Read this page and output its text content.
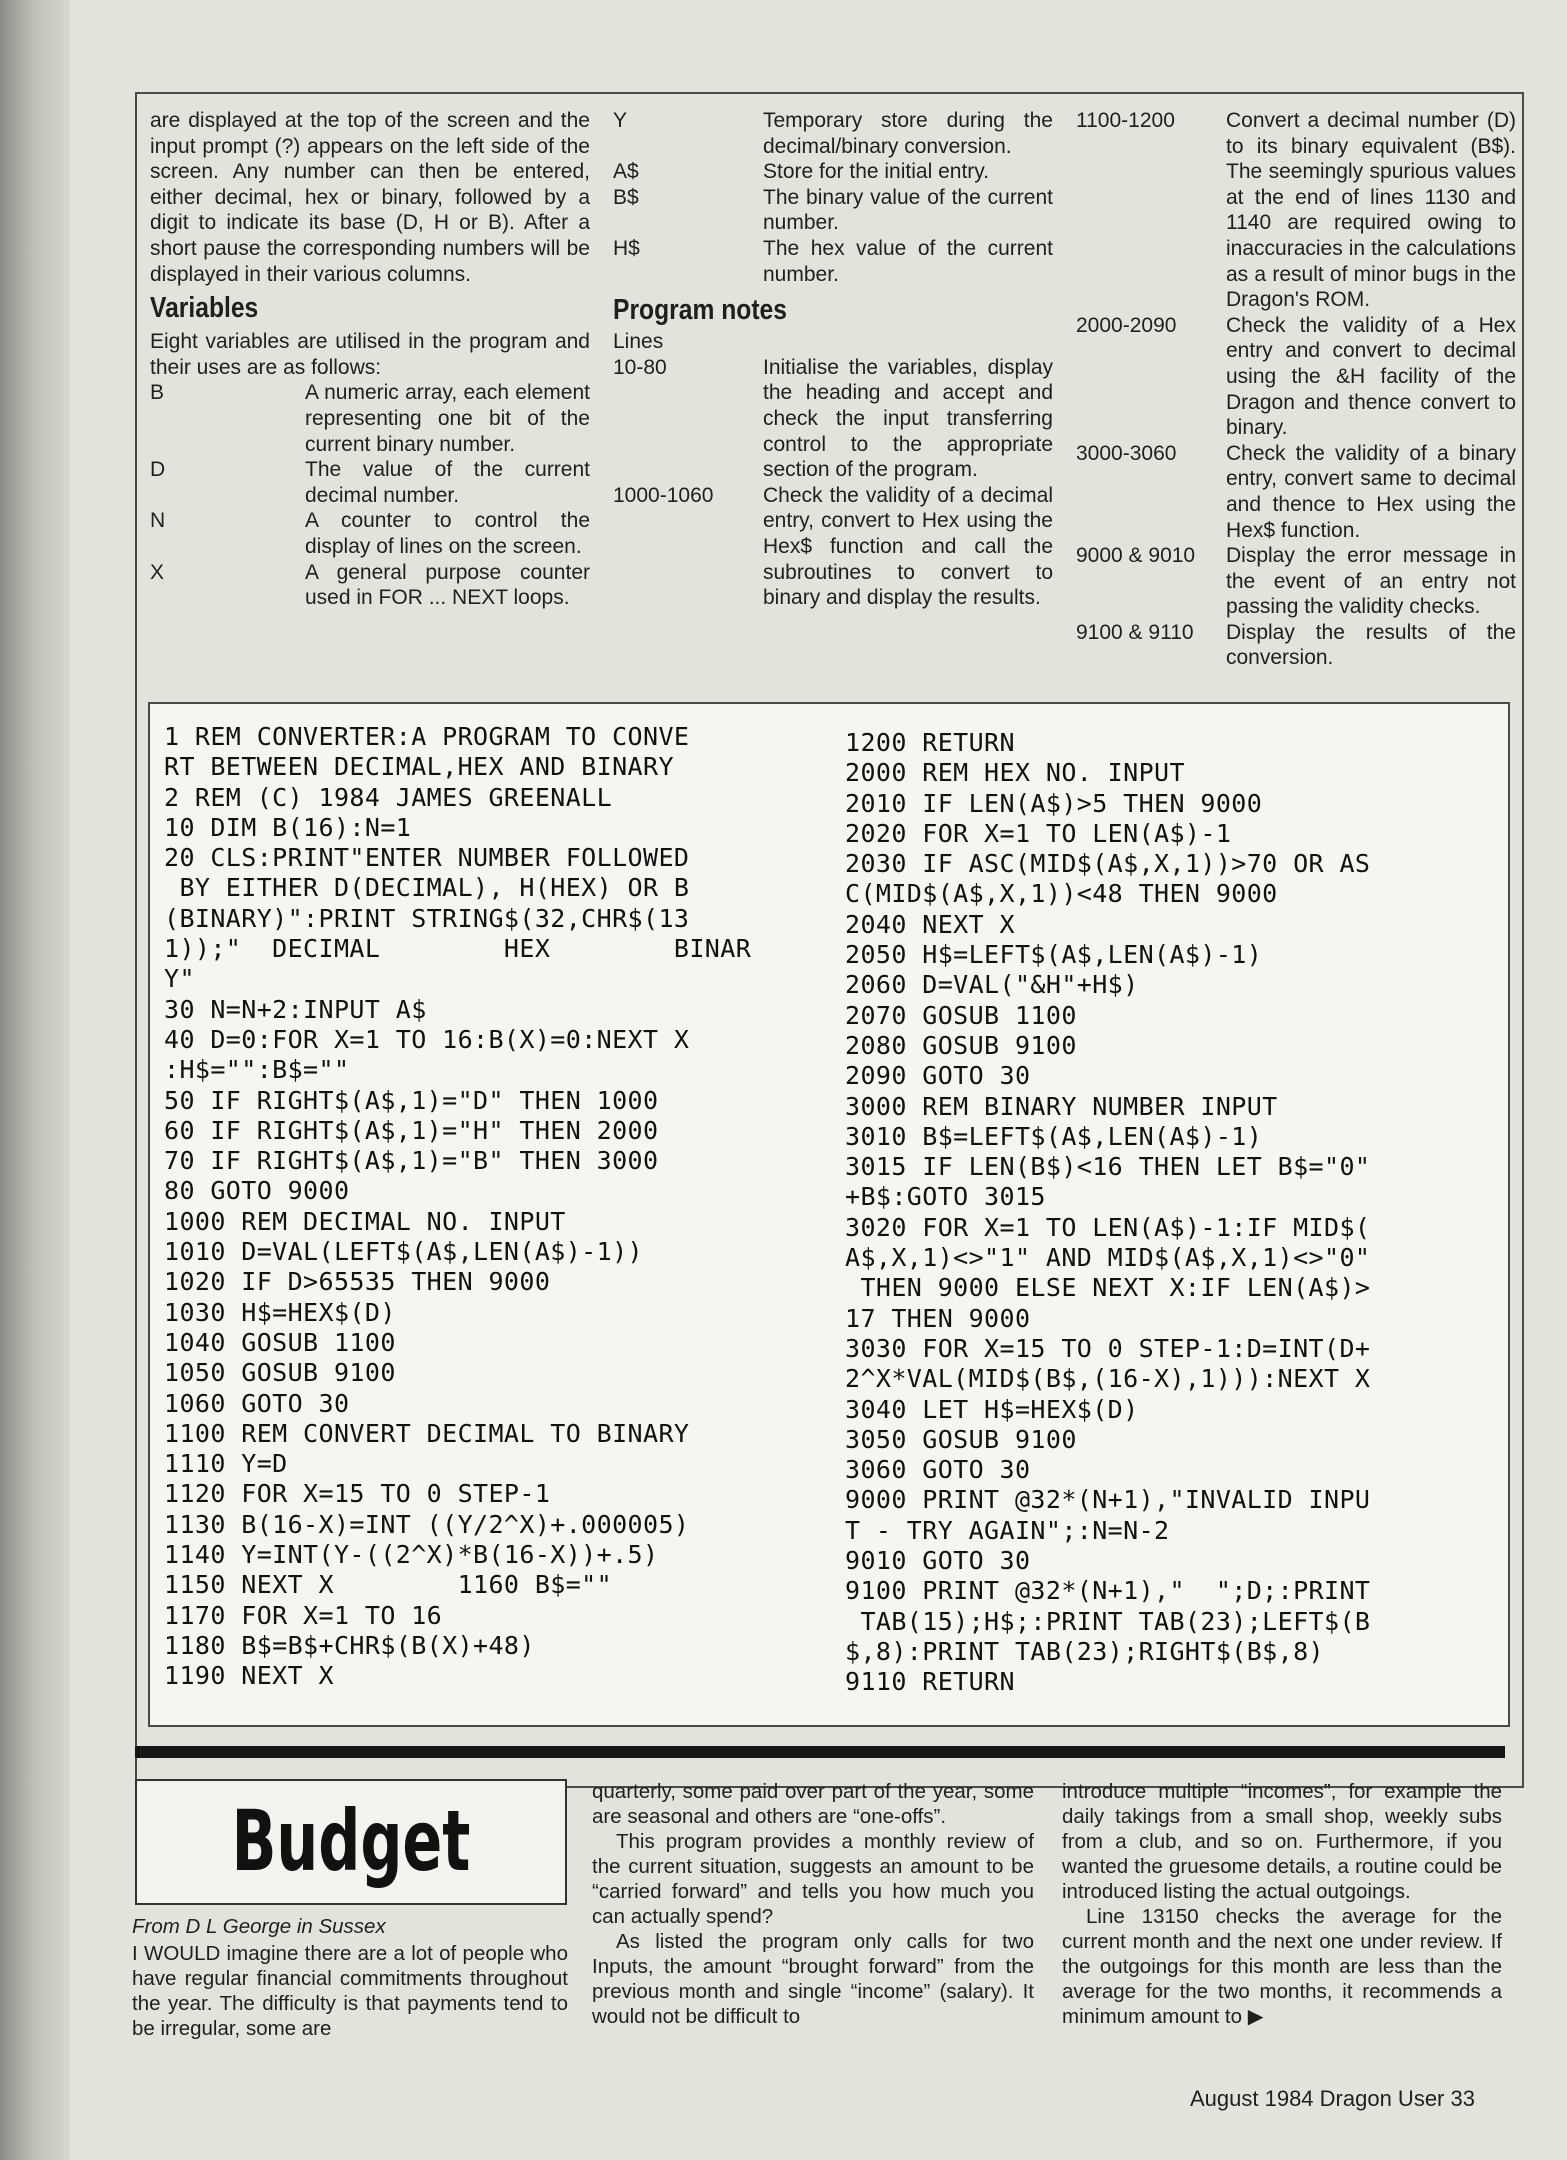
are displayed at the top of the screen and the input prompt (?) appears on the left side of the screen. Any number can then be entered, either decimal, hex or binary, followed by a digit to indicate its base (D, H or B). After a short pause the corresponding numbers will be displayed in their various columns.

Variables

Eight variables are utilised in the program and their uses are as follows:

B	A numeric array, each element representing one bit of the current binary number.
D	The value of the current decimal number.
N	A counter to control the display of lines on the screen.
X	A general purpose counter used in FOR ... NEXT loops.
Y	Temporary store during the decimal/binary conversion.
A$	Store for the initial entry.
B$	The binary value of the current number.
H$	The hex value of the current number.
Program notes

Lines

10-80	Initialise the variables, display the heading and accept and check the input transferring control to the appropriate section of the program.
1000-1060	Check the validity of a decimal entry, convert to Hex using the Hex$ function and call the subroutines to convert to binary and display the results.
1100-1200	Convert a decimal number (D) to its binary equivalent (B$). The seemingly spurious values at the end of lines 1130 and 1140 are required owing to inaccuracies in the calculations as a result of minor bugs in the Dragon's ROM.
2000-2090	Check the validity of a Hex entry and convert to decimal using the &H facility of the Dragon and thence convert to binary.
3000-3060	Check the validity of a binary entry, convert same to decimal and thence to Hex using the Hex$ function.
9000 & 9010	Display the error message in the event of an entry not passing the validity checks.
9100 & 9110	Display the results of the conversion.
1 REM CONVERTER:A PROGRAM TO CONVE
RT BETWEEN DECIMAL,HEX AND BINARY
2 REM (C) 1984 JAMES GREENALL
10 DIM B(16):N=1
20 CLS:PRINT"ENTER NUMBER FOLLOWED
BY EITHER D(DECIMAL), H(HEX) OR B
(BINARY)":PRINT STRING$(32,CHR$(13
1));"  DECIMAL        HEX        BINAR
Y"
30 N=N+2:INPUT A$
40 D=0:FOR X=1 TO 16:B(X)=0:NEXT X
:H$="":B$=""
50 IF RIGHT$(A$,1)="D" THEN 1000
60 IF RIGHT$(A$,1)="H" THEN 2000
70 IF RIGHT$(A$,1)="B" THEN 3000
80 GOTO 9000
1000 REM DECIMAL NO. INPUT
1010 D=VAL(LEFT$(A$,LEN(A$)-1))
1020 IF D>65535 THEN 9000
1030 H$=HEX$(D)
1040 GOSUB 1100
1050 GOSUB 9100
1060 GOTO 30
1100 REM CONVERT DECIMAL TO BINARY
1110 Y=D
1120 FOR X=15 TO 0 STEP-1
1130 B(16-X)=INT ((Y/2^X)+.000005)
1140 Y=INT(Y-((2^X)*B(16-X))+.5)
1150 NEXT X        1160 B$=""
1170 FOR X=1 TO 16
1180 B$=B$+CHR$(B(X)+48)
1190 NEXT X
1200 RETURN
2000 REM HEX NO. INPUT
2010 IF LEN(A$)>5 THEN 9000
2020 FOR X=1 TO LEN(A$)-1
2030 IF ASC(MID$(A$,X,1))>70 OR AS
C(MID$(A$,X,1))<48 THEN 9000
2040 NEXT X
2050 H$=LEFT$(A$,LEN(A$)-1)
2060 D=VAL("&H"+H$)
2070 GOSUB 1100
2080 GOSUB 9100
2090 GOTO 30
3000 REM BINARY NUMBER INPUT
3010 B$=LEFT$(A$,LEN(A$)-1)
3015 IF LEN(B$)<16 THEN LET B$="0"
+B$:GOTO 3015
3020 FOR X=1 TO LEN(A$)-1:IF MID$(
A$,X,1)<>"1" AND MID$(A$,X,1)<>"0"
THEN 9000 ELSE NEXT X:IF LEN(A$)>
17 THEN 9000
3030 FOR X=15 TO 0 STEP-1:D=INT(D+
2^X*VAL(MID$(B$,(16-X),1))):NEXT X
3040 LET H$=HEX$(D)
3050 GOSUB 9100
3060 GOTO 30
9000 PRINT @32*(N+1),"INVALID INPU
T - TRY AGAIN";:N=N-2
9010 GOTO 30
9100 PRINT @32*(N+1),"  ";D;:PRINT
TAB(15);H$;:PRINT TAB(23);LEFT$(B
$,8):PRINT TAB(23);RIGHT$(B$,8)
9110 RETURN
Budget

From D L George in Sussex

I WOULD imagine there are a lot of people who have regular financial commitments throughout the year. The difficulty is that payments tend to be irregular, some are

quarterly, some paid over part of the year, some are seasonal and others are “one-offs”.

This program provides a monthly review of the current situation, suggests an amount to be “carried forward” and tells you how much you can actually spend?

As listed the program only calls for two Inputs, the amount “brought forward” from the previous month and single “income” (salary). It would not be difficult to

introduce multiple “incomes”, for example the daily takings from a small shop, weekly subs from a club, and so on. Furthermore, if you wanted the gruesome details, a routine could be introduced listing the actual outgoings.

Line 13150 checks the average for the current month and the next one under review. If the outgoings for this month are less than the average for the two months, it recommends a minimum amount to ▶

August 1984 Dragon User 33
